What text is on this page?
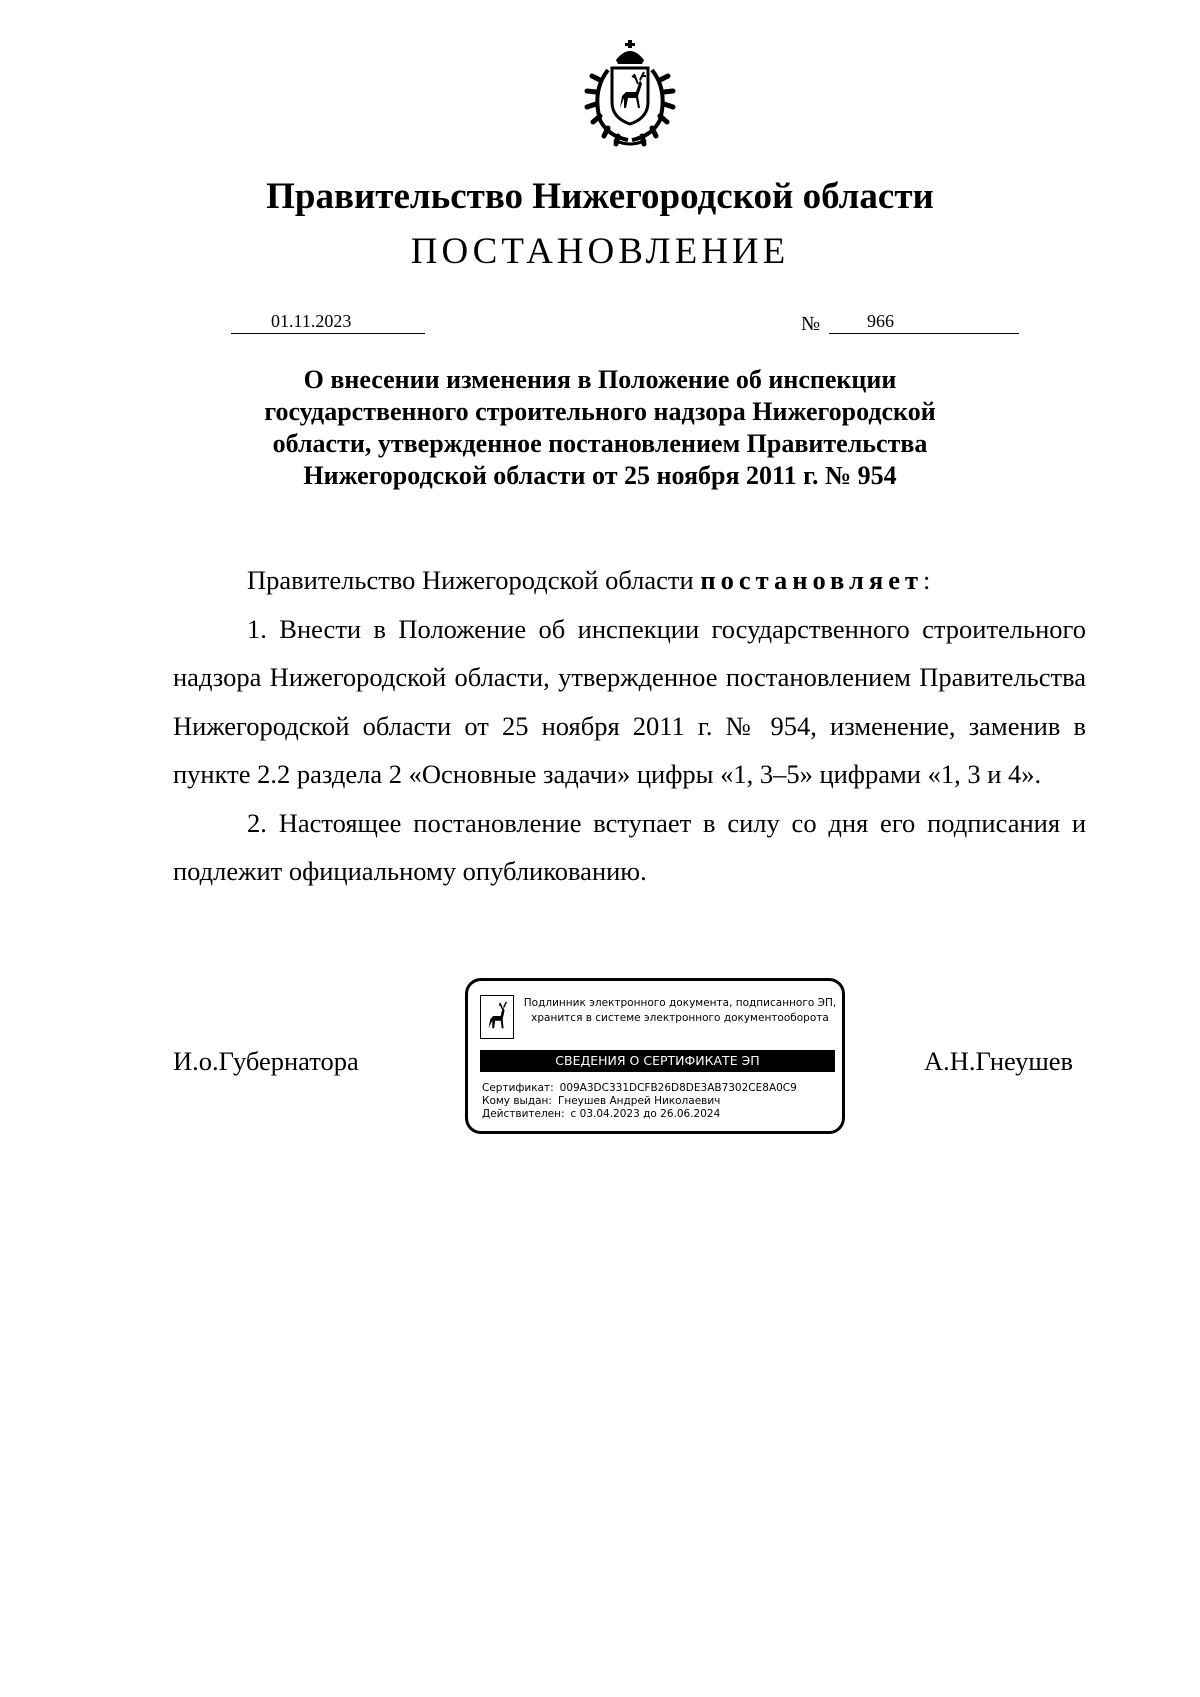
Правительство Нижегородской области
ПОСТАНОВЛЕНИЕ
01.11.2023	№	966
О внесении изменения в Положение об инспекции
государственного строительного надзора Нижегородской
области, утвержденное постановлением Правительства
Нижегородской области от 25 ноября 2011 г. № 954

Правительство Нижегородской области постановляет:

1. Внести в Положение об инспекции государственного строительного надзора Нижегородской области, утвержденное постановлением Правительства Нижегородской области от 25 ноября 2011 г. № 954, изменение, заменив в пункте 2.2 раздела 2 «Основные задачи» цифры «1, 3–5» цифрами «1, 3 и 4».

2. Настоящее постановление вступает в силу со дня его подписания и подлежит официальному опубликованию.

И.о.Губернатора	А.Н.Гнеушев
Подлинник электронного документа, подписанного ЭП,
хранится в системе электронного документооборота
СВЕДЕНИЯ О СЕРТИФИКАТЕ ЭП
Сертификат: 009A3DC331DCFB26D8DE3AB7302CE8A0C9
Кому выдан: Гнеушев Андрей Николаевич
Действителен: с 03.04.2023 до 26.06.2024
